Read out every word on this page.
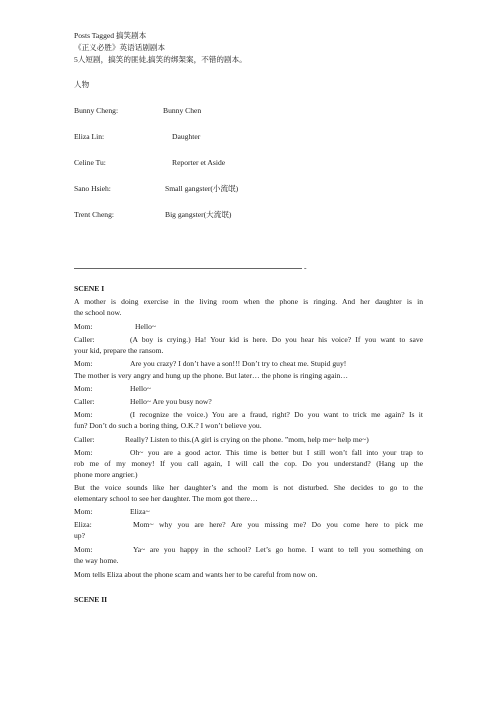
Posts Tagged 搞笑剧本
《正义必胜》英语话剧剧本
5人短剧，搞笑的匪徒,搞笑的绑架案，不错的剧本。
人物
Bunny Cheng:	Bunny Chen
Eliza Lin:	Daughter
Celine Tu:	Reporter et Aside
Sano Hsieh:	Small gangster(小流氓)
Trent Cheng:	Big gangster(大流氓)
-
SCENE I
A mother is doing exercise in the living room when the phone is ringing. And her daughter is in
the school now.
Mom:	Hello~
Caller:	(A boy is crying.) Ha! Your kid is here. Do you hear his voice? If you want to save
your kid, prepare the ransom.
Mom:	Are you crazy? I don’t have a son!!! Don’t try to cheat me. Stupid guy!
The mother is very angry and hung up the phone. But later… the phone is ringing again…
Mom:	Hello~
Caller:	Hello~ Are you busy now?
Mom:	(I recognize the voice.) You are a fraud, right? Do you want to trick me again? Is it
fun? Don’t do such a boring thing, O.K.? I won’t believe you.
Caller:	Really? Listen to this.(A girl is crying on the phone. ”mom, help me~ help me~)
Mom:	Oh~ you are a good actor. This time is better but I still won’t fall into your trap to
rob me of my money! If you call again, I will call the cop. Do you understand? (Hang up the
phone more angrier.)
But the voice sounds like her daughter’s and the mom is not disturbed. She decides to go to the
elementary school to see her daughter. The mom got there…
Mom:	Eliza~
Eliza:	Mom~ why you are here? Are you missing me? Do you come here to pick me
up?
Mom:	Ya~ are you happy in the school? Let’s go home. I want to tell you something on
the way home.
Mom tells Eliza about the phone scam and wants her to be careful from now on.
SCENE II
